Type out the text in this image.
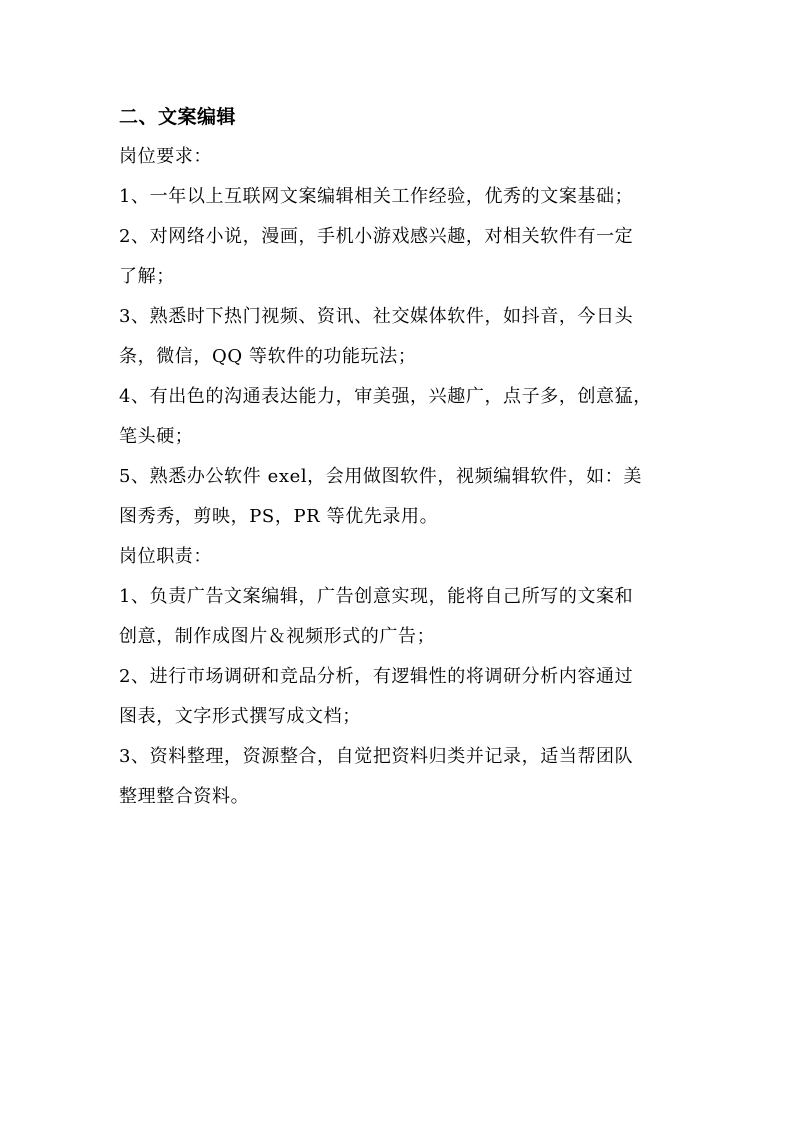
二、文案编辑

岗位要求：

1、一年以上互联网文案编辑相关工作经验，优秀的文案基础；

2、对网络小说，漫画，手机小游戏感兴趣，对相关软件有一定

了解；

3、熟悉时下热门视频、资讯、社交媒体软件，如抖音，今日头

条，微信，QQ 等软件的功能玩法；

4、有出色的沟通表达能力，审美强，兴趣广，点子多，创意猛，

笔头硬；

5、熟悉办公软件 exel，会用做图软件，视频编辑软件，如：美

图秀秀，剪映，PS，PR 等优先录用。

岗位职责：

1、负责广告文案编辑，广告创意实现，能将自己所写的文案和

创意，制作成图片＆视频形式的广告；

2、进行市场调研和竞品分析，有逻辑性的将调研分析内容通过

图表，文字形式撰写成文档；

3、资料整理，资源整合，自觉把资料归类并记录，适当帮团队

整理整合资料。
